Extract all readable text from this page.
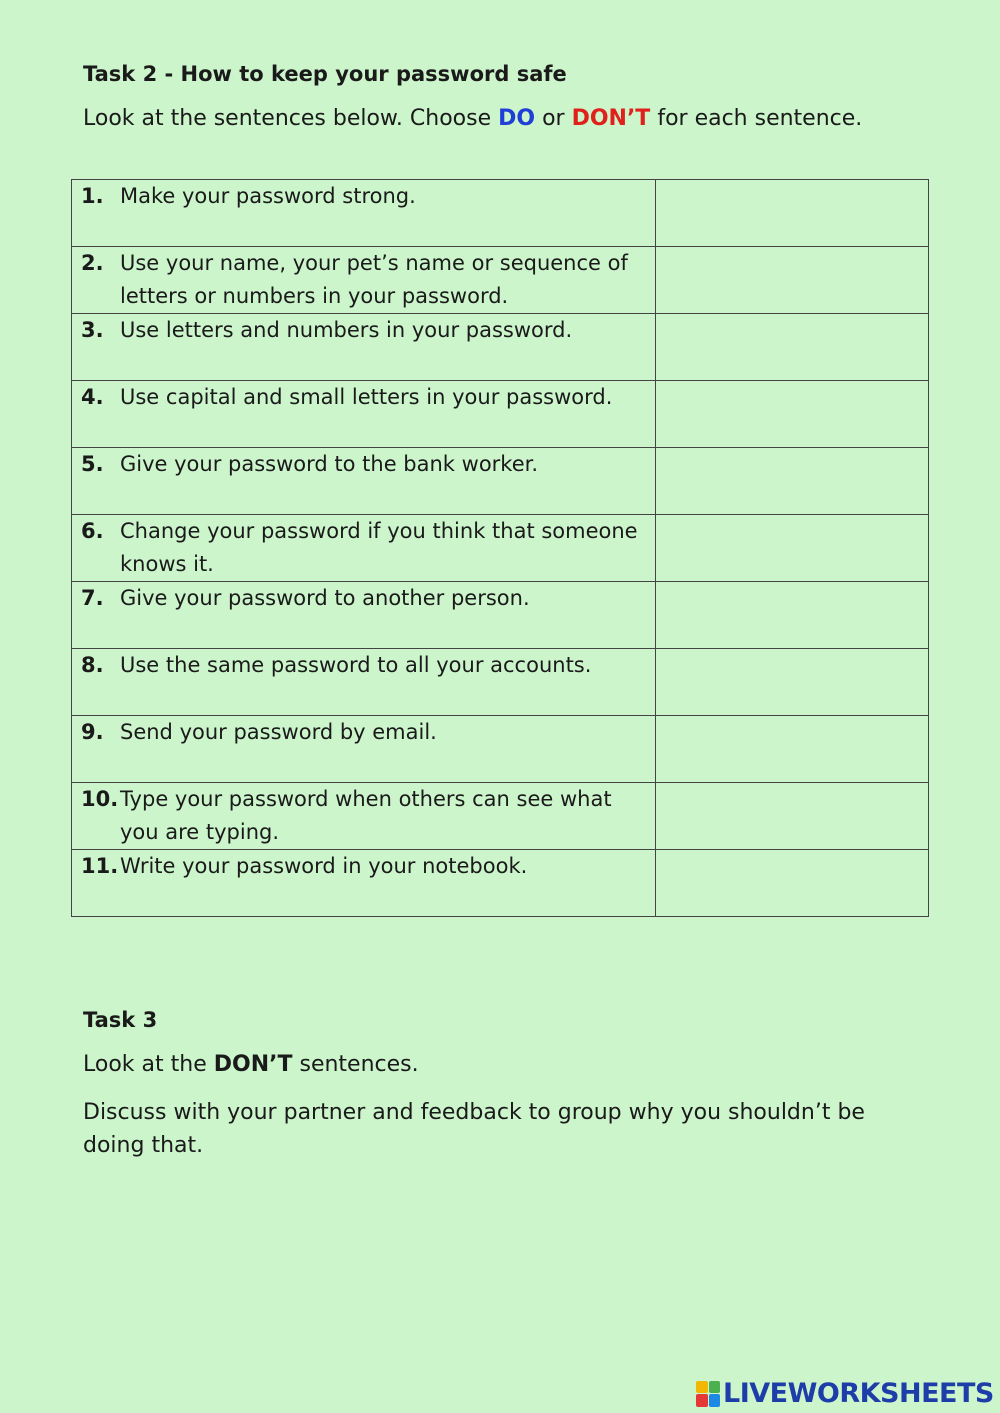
Task 2 - How to keep your password safe

Look at the sentences below. Choose DO or DON’T for each sentence.

1. Make your password strong.	

2. Use your name, your pet’s name or sequence of letters or numbers in your password.	

3. Use letters and numbers in your password.	

4. Use capital and small letters in your password.	

5. Give your password to the bank worker.	

6. Change your password if you think that someone knows it.	

7. Give your password to another person.	

8. Use the same password to all your accounts.	

9. Send your password by email.	

10. Type your password when others can see what you are typing.	

11. Write your password in your notebook.	

Task 3

Look at the DON’T sentences.

Discuss with your partner and feedback to group why you shouldn’t be doing that.

LIVEWORKSHEETS
